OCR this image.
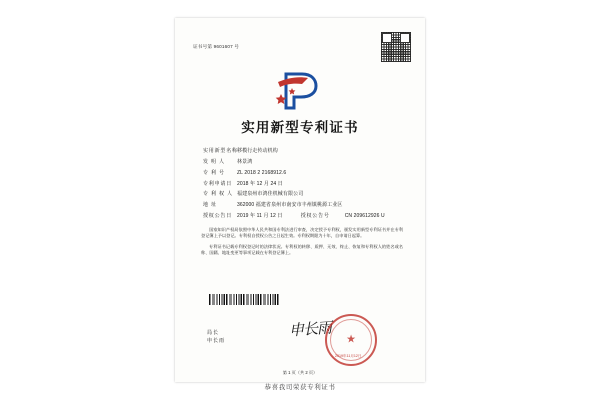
证书号第 9601607 号
实用新型专利证书
实用新型名称 移模行走传动机构
发 明 人	林景鸿
专 利 号	ZL 2018 2 2168912.6
专利申请日 2018 年 12 月 24 日
专 利 权 人 福建泉州市鸿佳机械有限公司
地 址	362000 福建省泉州市南安市丰州镇桃源工业区
授权公告日 2019 年 11 月 12 日	授权公告号	CN 209612926 U
国家知识产权局依照中华人民共和国专利法进行审查，决定授予专利权，颁发实用新型专利证书并在专利登记簿上予以登记。专利权自授权公告之日起生效。专利权期限为十年，自申请日起算。
专利证书记载专利权登记时的法律状况。专利权的转移、质押、无效、终止、恢复和专利权人的姓名或名称、国籍、地址变更等事项记载在专利登记簿上。
局长
申长雨
申长雨
★
2019年11月12日
第 1 页（共 2 页）
恭喜我司荣获专利证书
